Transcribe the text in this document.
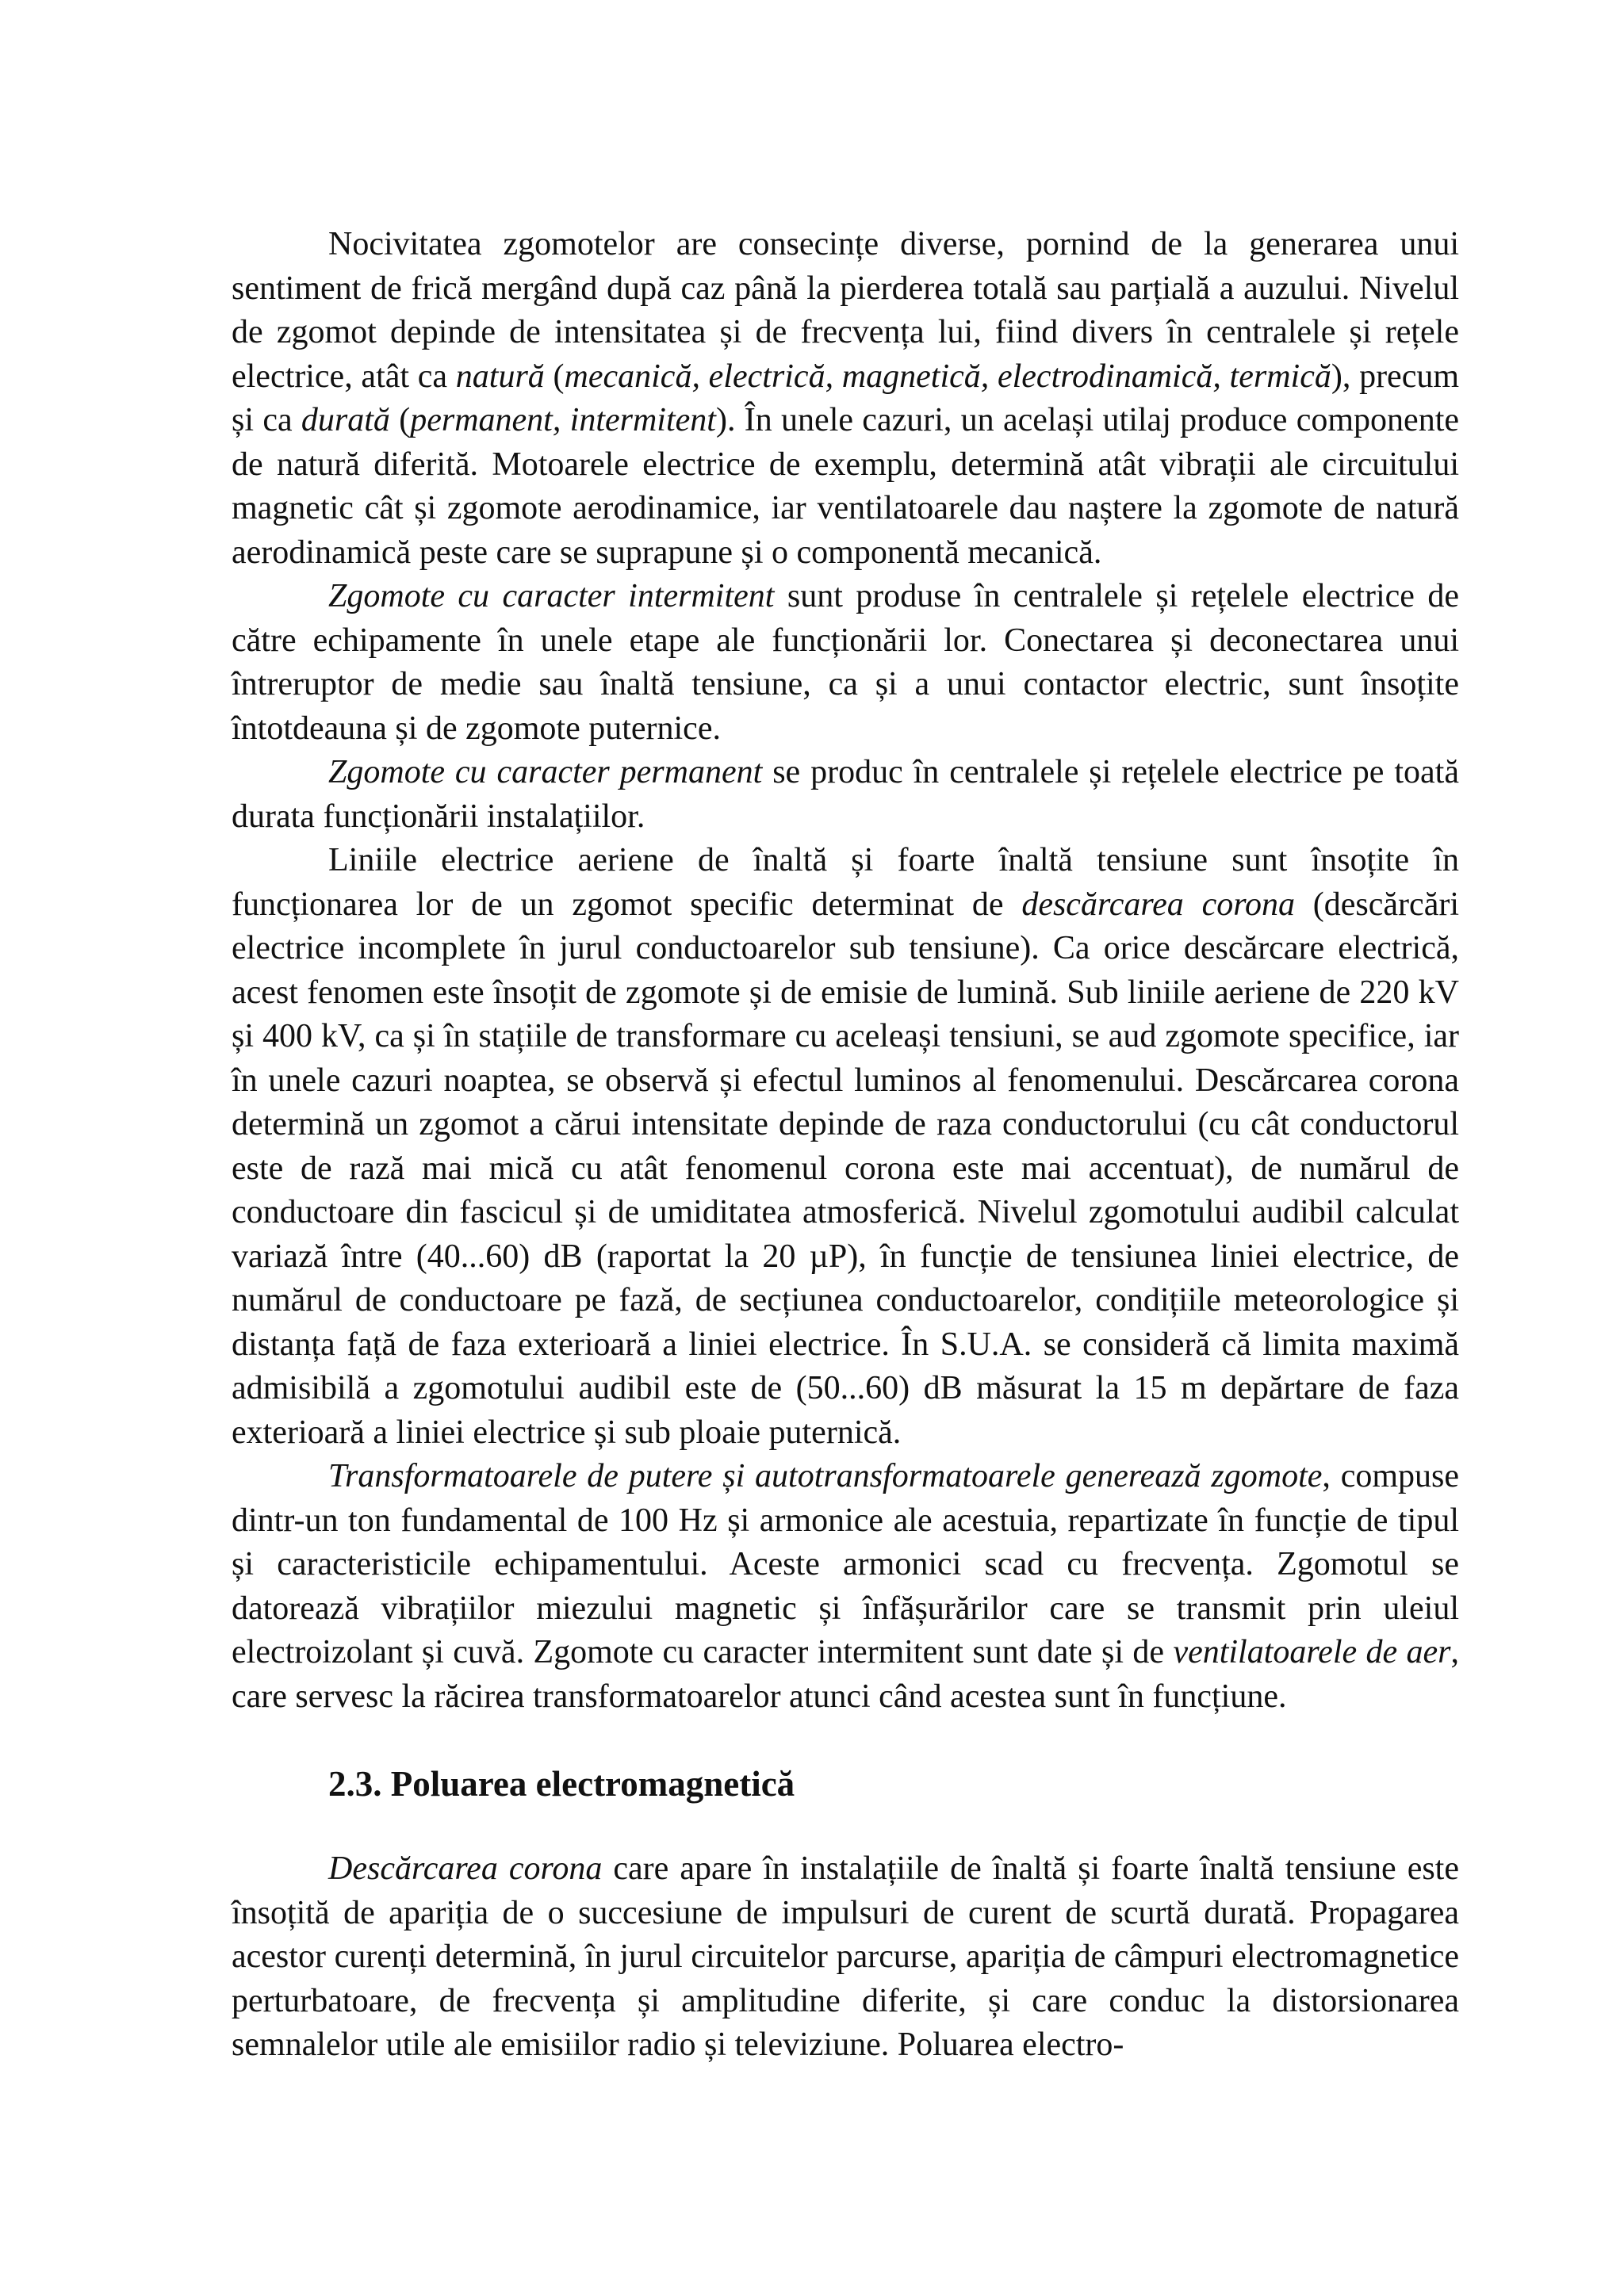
Nocivitatea zgomotelor are consecințe diverse, pornind de la generarea unui sentiment de frică mergând după caz până la pierderea totală sau parțială a auzului. Nivelul de zgomot depinde de intensitatea și de frecvența lui, fiind divers în centralele și rețele electrice, atât ca natură (mecanică, electrică, magnetică, electrodinamică, termică), precum și ca durată (permanent, intermitent). În unele cazuri, un același utilaj produce componente de natură diferită. Motoarele electrice de exemplu, determină atât vibrații ale circuitului magnetic cât și zgomote aerodinamice, iar ventilatoarele dau naștere la zgomote de natură aerodinamică peste care se suprapune și o componentă mecanică.

Zgomote cu caracter intermitent sunt produse în centralele și rețelele electrice de către echipamente în unele etape ale funcționării lor. Conectarea și deconectarea unui întreruptor de medie sau înaltă tensiune, ca și a unui contactor electric, sunt însoțite întotdeauna și de zgomote puternice.

Zgomote cu caracter permanent se produc în centralele și rețelele electrice pe toată durata funcționării instalațiilor.

Liniile electrice aeriene de înaltă și foarte înaltă tensiune sunt însoțite în funcționarea lor de un zgomot specific determinat de descărcarea corona (descărcări electrice incomplete în jurul conductoarelor sub tensiune). Ca orice descărcare electrică, acest fenomen este însoțit de zgomote și de emisie de lumină. Sub liniile aeriene de 220 kV și 400 kV, ca și în stațiile de transformare cu aceleași tensiuni, se aud zgomote specifice, iar în unele cazuri noaptea, se observă și efectul luminos al fenomenului. Descărcarea corona determină un zgomot a cărui intensitate depinde de raza conductorului (cu cât conductorul este de rază mai mică cu atât fenomenul corona este mai accentuat), de numărul de conductoare din fascicul și de umiditatea atmosferică. Nivelul zgomotului audibil calculat variază între (40...60) dB (raportat la 20 µP), în funcție de tensiunea liniei electrice, de numărul de conductoare pe fază, de secțiunea conductoarelor, condițiile meteorologice și distanța față de faza exterioară a liniei electrice. În S.U.A. se consideră că limita maximă admisibilă a zgomotului audibil este de (50...60) dB măsurat la 15 m depărtare de faza exterioară a liniei electrice și sub ploaie puternică.

Transformatoarele de putere și autotransformatoarele generează zgomote, compuse dintr-un ton fundamental de 100 Hz și armonice ale acestuia, repartizate în funcție de tipul și caracteristicile echipamentului. Aceste armonici scad cu frecvența. Zgomotul se datorează vibrațiilor miezului magnetic și înfășurărilor care se transmit prin uleiul electroizolant și cuvă. Zgomote cu caracter intermitent sunt date și de ventilatoarele de aer, care servesc la răcirea transformatoarelor atunci când acestea sunt în funcțiune.

2.3. Poluarea electromagnetică

Descărcarea corona care apare în instalațiile de înaltă și foarte înaltă tensiune este însoțită de apariția de o succesiune de impulsuri de curent de scurtă durată. Propagarea acestor curenți determină, în jurul circuitelor parcurse, apariția de câmpuri electromagnetice perturbatoare, de frecvența și amplitudine diferite, și care conduc la distorsionarea semnalelor utile ale emisiilor radio și televiziune. Poluarea electro-
